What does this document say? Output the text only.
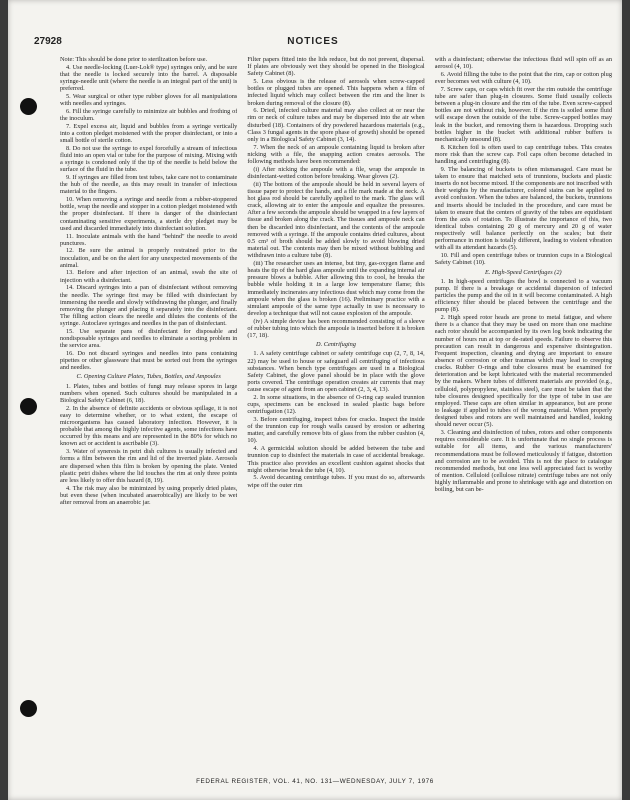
27928	NOTICES

Note: This should be done prior to sterilization before use.

4. Use needle-locking (Luer-Lok® type) syringes only, and be sure that the needle is locked securely into the barrel. A disposable syringe-needle unit (where the needle is an integral part of the unit) is preferred.

5. Wear surgical or other type rubber gloves for all manipulations with needles and syringes.

6. Fill the syringe carefully to minimize air bubbles and frothing of the inoculum.

7. Expel excess air, liquid and bubbles from a syringe vertically into a cotton pledget moistened with the proper disinfectant, or into a small bottle of sterile cotton.

8. Do not use the syringe to expel forcefully a stream of infectious fluid into an open vial or tube for the purpose of mixing. Mixing with a syringe is condoned only if the tip of the needle is held below the surface of the fluid in the tube.

9. If syringes are filled from test tubes, take care not to contaminate the hub of the needle, as this may result in transfer of infectious material to the fingers.

10. When removing a syringe and needle from a rubber-stoppered bottle, wrap the needle and stopper in a cotton pledget moistened with the proper disinfectant. If there is danger of the disinfectant contaminating sensitive experiments, a sterile dry pledget may be used and discarded immediately into disinfectant solution.

11. Inoculate animals with the hand "behind" the needle to avoid punctures.

12. Be sure the animal is properly restrained prior to the inoculation, and be on the alert for any unexpected movements of the animal.

13. Before and after injection of an animal, swab the site of injection with a disinfectant.

14. Discard syringes into a pan of disinfectant without removing the needle. The syringe first may be filled with disinfectant by immersing the needle and slowly withdrawing the plunger, and finally removing the plunger and placing it separately into the disinfectant. The filling action clears the needle and dilutes the contents of the syringe. Autoclave syringes and needles in the pan of disinfectant.

15. Use separate pans of disinfectant for disposable and nondisposable syringes and needles to eliminate a sorting problem in the service area.

16. Do not discard syringes and needles into pans containing pipettes or other glassware that must be sorted out from the syringes and needles.

C. Opening Culture Plates, Tubes, Bottles, and Ampoules

1. Plates, tubes and bottles of fungi may release spores in large numbers when opened. Such cultures should be manipulated in a Biological Safety Cabinet (6, 18).

2. In the absence of definite accidents or obvious spillage, it is not easy to determine whether, or to what extent, the escape of microorganisms has caused laboratory infection. However, it is probable that among the highly infective agents, some infections have occurred by this means and are represented in the 80% for which no known act or accident is ascribable (3).

3. Water of syneresis in petri dish cultures is usually infected and forms a film between the rim and lid of the inverted plate. Aerosols are dispersed when this film is broken by opening the plate. Vented plastic petri dishes where the lid touches the rim at only three points are less likely to offer this hazard (8, 19).

4. The risk may also be minimized by using properly dried plates, but even these (when incubated anaerobically) are likely to be wet after removal from an anaerobic jar.

Filter papers fitted into the lids reduce, but do not prevent, dispersal. If plates are obviously wet they should be opened in the Biological Safety Cabinet (8).

5. Less obvious is the release of aerosols when screw-capped bottles or plugged tubes are opened. This happens when a film of infected liquid which may collect between the rim and the liner is broken during removal of the closure (8).

6. Dried, infected culture material may also collect at or near the rim or neck of culture tubes and may be dispersed into the air when disturbed (18). Containers of dry powdered hazardous materials (e.g., Class 3 fungal agents in the spore phase of growth) should be opened only in a Biological Safety Cabinet (3, 14).

7. When the neck of an ampoule containing liquid is broken after nicking with a file, the snapping action creates aerosols. The following methods have been recommended:

(i) After nicking the ampoule with a file, wrap the ampoule in disinfectant-wetted cotton before breaking. Wear gloves (2).

(ii) The bottom of the ampoule should be held in several layers of tissue paper to protect the hands, and a file mark made at the neck. A hot glass rod should be carefully applied to the mark. The glass will crack, allowing air to enter the ampoule and equalize the pressures. After a few seconds the ampoule should be wrapped in a few layers of tissue and broken along the crack. The tissues and ampoule neck can then be discarded into disinfectant, and the contents of the ampoule removed with a syringe. If the ampoule contains dried cultures, about 0.5 cm³ of broth should be added slowly to avoid blowing dried material out. The contents may then be mixed without bubbling and withdrawn into a culture tube (8).

(iii) The researcher uses an intense, but tiny, gas-oxygen flame and heats the tip of the hard glass ampoule until the expanding internal air pressure blows a bubble. After allowing this to cool, he breaks the bubble while holding it in a large low temperature flame; this immediately incinerates any infectious dust which may come from the ampoule when the glass is broken (16). Preliminary practice with a simulant ampoule of the same type actually in use is necessary to develop a technique that will not cause explosion of the ampoule.

(iv) A simple device has been recommended consisting of a sleeve of rubber tubing into which the ampoule is inserted before it is broken (17, 18).

D. Centrifuging

1. A safety centrifuge cabinet or safety centrifuge cup (2, 7, 8, 14, 22) may be used to house or safeguard all centrifuging of infectious substances. When bench type centrifuges are used in a Biological Safety Cabinet, the glove panel should be in place with the glove ports covered. The centrifuge operation creates air currents that may cause escape of agent from an open cabinet (2, 3, 4, 13).

2. In some situations, in the absence of O-ring cap sealed trunnion cups, specimens can be enclosed in sealed plastic bags before centrifugation (12).

3. Before centrifuging, inspect tubes for cracks. Inspect the inside of the trunnion cup for rough walls caused by erosion or adhering matter, and carefully remove bits of glass from the rubber cushion (4, 10).

4. A germicidal solution should be added between the tube and trunnion cup to disinfect the materials in case of accidental breakage. This practice also provides an excellent cushion against shocks that might otherwise break the tube (4, 10).

5. Avoid decanting centrifuge tubes. If you must do so, afterwards wipe off the outer rim

with a disinfectant; otherwise the infectious fluid will spin off as an aerosol (4, 10).

6. Avoid filling the tube to the point that the rim, cap or cotton plug ever becomes wet with culture (4, 10).

7. Screw caps, or caps which fit over the rim outside the centrifuge tube are safer than plug-in closures. Some fluid usually collects between a plug-in closure and the rim of the tube. Even screw-capped bottles are not without risk, however. If the rim is soiled some fluid will escape down the outside of the tube. Screw-capped bottles may leak in the bucket, and removing them is hazardous. Dropping such bottles higher in the bucket with additional rubber buffers is mechanically unsound (8).

8. Kitchen foil is often used to cap centrifuge tubes. This creates more risk than the screw cap. Foil caps often become detached in handling and centrifuging (8).

9. The balancing of buckets is often mismanaged. Care must be taken to ensure that matched sets of trunnions, buckets and plastic inserts do not become mixed. If the components are not inscribed with their weights by the manufacturer, colored stains can be applied to avoid confusion. When the tubes are balanced, the buckets, trunnions and inserts should be included in the procedure, and care must be taken to ensure that the centers of gravity of the tubes are equidistant from the axis of rotation. To illustrate the importance of this, two identical tubes containing 20 g of mercury and 20 g of water respectively will balance perfectly on the scales; but their performance in motion is totally different, leading to violent vibration with all its attendant hazards (5).

10. Fill and open centrifuge tubes or trunnion cups in a Biological Safety Cabinet (10).

E. High-Speed Centrifuges (2)

1. In high-speed centrifuges the bowl is connected to a vacuum pump. If there is a breakage or accidental dispersion of infected particles the pump and the oil in it will become contaminated. A high efficiency filter should be placed between the centrifuge and the pump (8).

2. High speed rotor heads are prone to metal fatigue, and where there is a chance that they may be used on more than one machine each rotor should be accompanied by its own log book indicating the number of hours run at top or de-rated speeds. Failure to observe this precaution can result in dangerous and expensive disintegration. Frequent inspection, cleaning and drying are important to ensure absence of corrosion or other traumas which may lead to creeping cracks. Rubber O-rings and tube closures must be examined for deterioration and be kept lubricated with the material recommended by the makers. Where tubes of different materials are provided (e.g., celluloid, polypropylene, stainless steel), care must be taken that the tube closures designed specifically for the type of tube in use are employed. These caps are often similar in appearance, but are prone to leakage if applied to tubes of the wrong material. When properly designed tubes and rotors are well maintained and handled, leaking should never occur (5).

3. Cleaning and disinfection of tubes, rotors and other components requires considerable care. It is unfortunate that no single process is suitable for all items, and the various manufacturers' recommendations must be followed meticulously if fatigue, distortion and corrosion are to be avoided. This is not the place to catalogue recommended methods, but one less well appreciated fact is worthy of mention. Celluloid (cellulose nitrate) centrifuge tubes are not only highly inflammable and prone to shrinkage with age and distortion on boiling, but can be-

FEDERAL REGISTER, VOL. 41, NO. 131—WEDNESDAY, JULY 7, 1976
